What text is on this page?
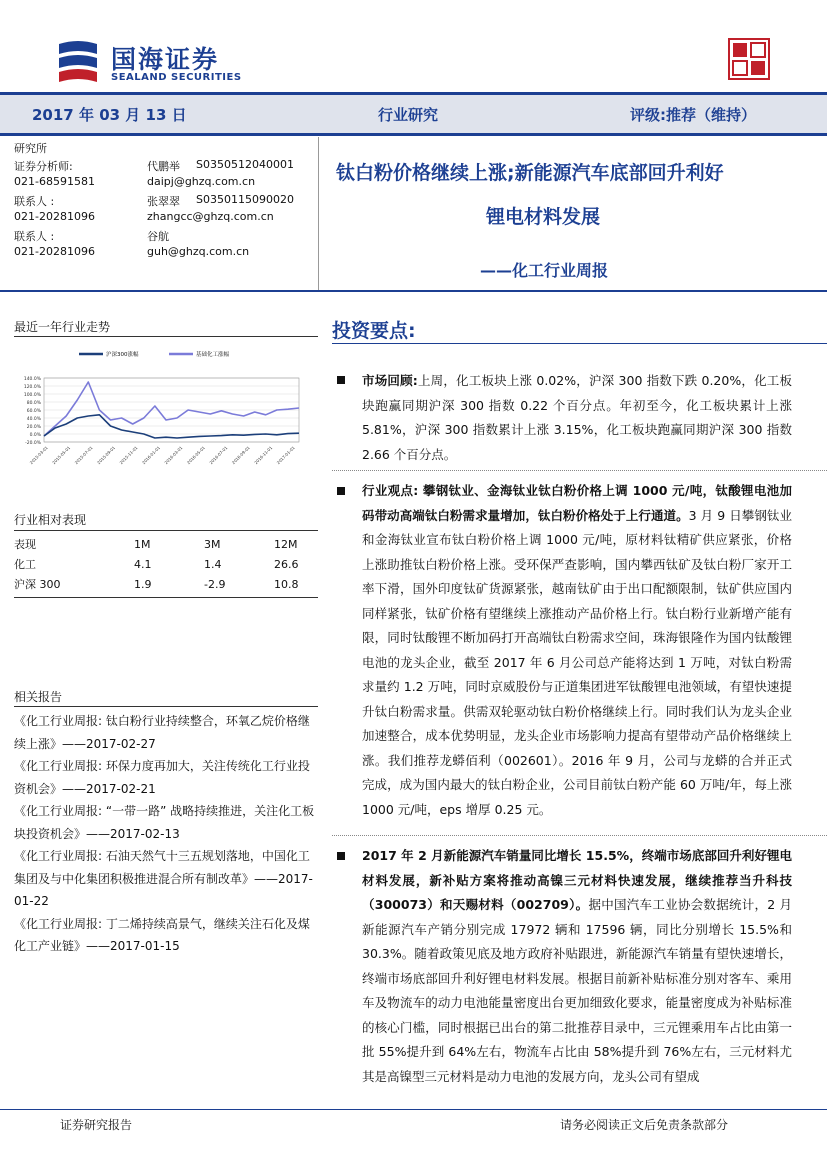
国海证券
SEALAND SECURITIES
2017 年 03 月 13 日	行业研究	评级:推荐（维持）
研究所
证券分析师:	代鹏举 S0350512040001
021-68591581	daipj@ghzq.com.cn
联系人 :	张翠翠 S0350115090020
021-20281096	zhangcc@ghzq.com.cn
联系人 :	谷航
021-20281096	guh@ghzq.com.cn
钛白粉价格继续上涨;新能源汽车底部回升利好
锂电材料发展
——化工行业周报
最近一年行业走势
-20.0%
0.0%
20.0%
40.0%
60.0%
80.0%
100.0%
120.0%
140.0%
2015-03-01 2015-05-01 2015-07-01 2015-09-01 2015-11-01 2016-01-01 2016-03-01 2016-05-01 2016-07-01 2016-09-01 2016-11-01 2017-01-01
沪深300涨幅	基础化工涨幅
行业相对表现
表现	1M	3M	12M
化工	4.1	1.4	26.6
沪深 300	1.9	-2.9	10.8
相关报告
《化工行业周报: 钛白粉行业持续整合，环氧乙烷价格继续上涨》——2017-02-27
《化工行业周报: 环保力度再加大，关注传统化工行业投资机会》——2017-02-21
《化工行业周报: “一带一路” 战略持续推进，关注化工板块投资机会》——2017-02-13
《化工行业周报: 石油天然气十三五规划落地，中国化工集团及与中化集团积极推进混合所有制改革》——2017-01-22
《化工行业周报: 丁二烯持续高景气，继续关注石化及煤化工产业链》——2017-01-15
投资要点:
市场回顾:上周，化工板块上涨 0.02%，沪深 300 指数下跌 0.20%，化工板块跑赢同期沪深 300 指数 0.22 个百分点。年初至今，化工板块累计上涨 5.81%，沪深 300 指数累计上涨 3.15%，化工板块跑赢同期沪深 300 指数 2.66 个百分点。
行业观点: 攀钢钛业、金海钛业钛白粉价格上调 1000 元/吨，钛酸锂电池加码带动高端钛白粉需求量增加，钛白粉价格处于上行通道。3 月 9 日攀钢钛业和金海钛业宣布钛白粉价格上调 1000 元/吨，原材料钛精矿供应紧张，价格上涨助推钛白粉价格上涨。受环保严查影响，国内攀西钛矿及钛白粉厂家开工率下滑，国外印度钛矿货源紧张，越南钛矿由于出口配额限制，钛矿供应国内同样紧张，钛矿价格有望继续上涨推动产品价格上行。钛白粉行业新增产能有限，同时钛酸锂不断加码打开高端钛白粉需求空间，珠海银隆作为国内钛酸锂电池的龙头企业，截至 2017 年 6 月公司总产能将达到 1 万吨，对钛白粉需求量约 1.2 万吨，同时京威股份与正道集团进军钛酸锂电池领域，有望快速提升钛白粉需求量。供需双轮驱动钛白粉价格继续上行。同时我们认为龙头企业加速整合，成本优势明显，龙头企业市场影响力提高有望带动产品价格继续上涨。我们推荐龙蟒佰利（002601）。2016 年 9 月，公司与龙蟒的合并正式完成，成为国内最大的钛白粉企业，公司目前钛白粉产能 60 万吨/年，每上涨 1000 元/吨，eps 增厚 0.25 元。
2017 年 2 月新能源汽车销量同比增长 15.5%，终端市场底部回升利好锂电材料发展，新补贴方案将推动高镍三元材料快速发展，继续推荐当升科技（300073）和天赐材料（002709）。据中国汽车工业协会数据统计，2 月新能源汽车产销分别完成 17972 辆和 17596 辆，同比分别增长 15.5%和 30.3%。随着政策见底及地方政府补贴跟进，新能源汽车销量有望快速增长，终端市场底部回升利好锂电材料发展。根据目前新补贴标准分别对客车、乘用车及物流车的动力电池能量密度出台更加细致化要求，能量密度成为补贴标准的核心门槛，同时根据已出台的第二批推荐目录中，三元锂乘用车占比由第一批 55%提升到 64%左右，物流车占比由 58%提升到 76%左右，三元材料尤其是高镍型三元材料是动力电池的发展方向，龙头公司有望成
证券研究报告	请务必阅读正文后免责条款部分
